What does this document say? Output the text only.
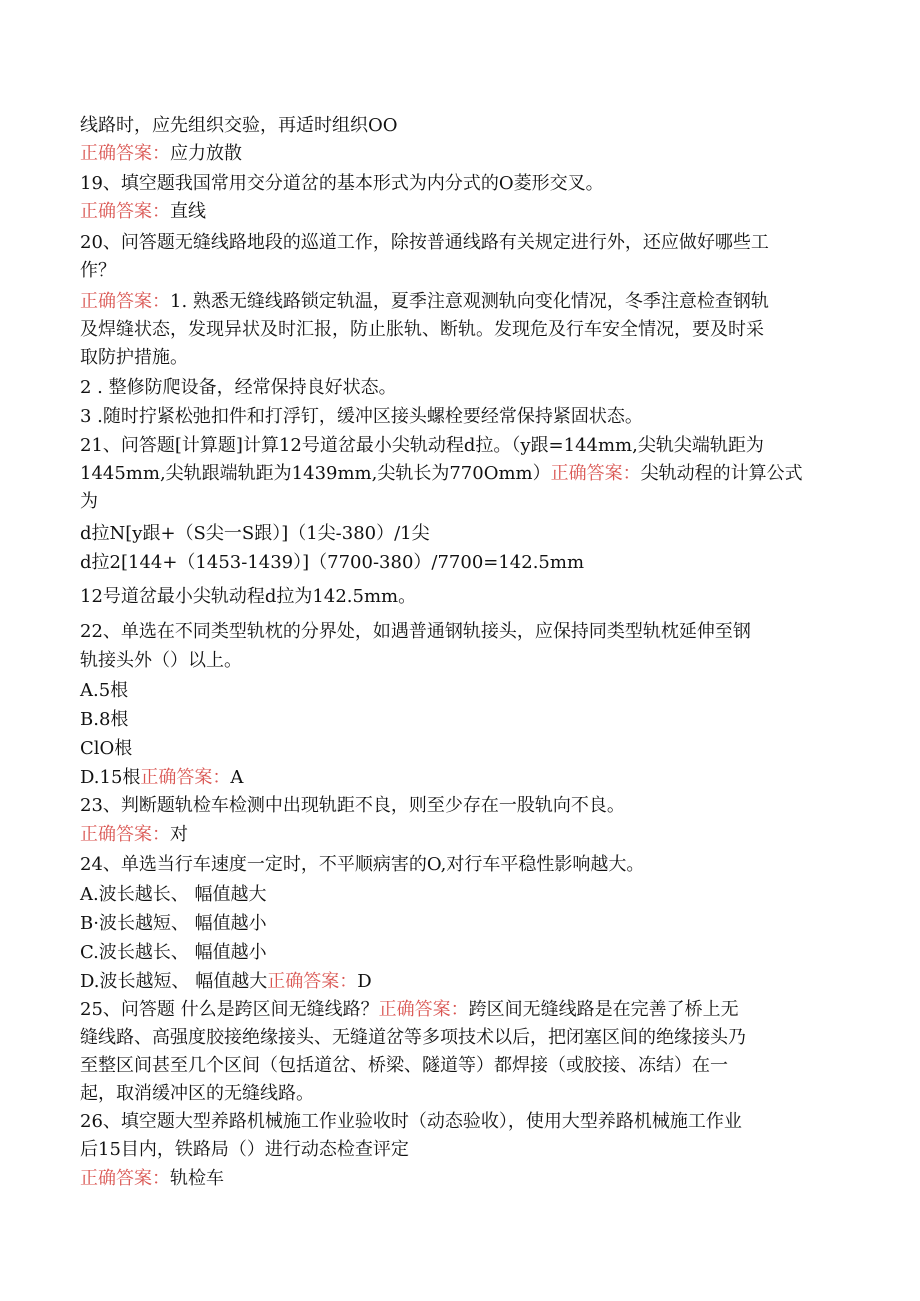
线路时，应先组织交验，再适时组织OO
正确答案：应力放散
19、填空题我国常用交分道岔的基本形式为内分式的O菱形交叉。
正确答案：直线
20、问答题无缝线路地段的巡道工作，除按普通线路有关规定进行外，还应做好哪些工
作？
正确答案：1. 熟悉无缝线路锁定轨温，夏季注意观测轨向变化情况，冬季注意检查钢轨
及焊缝状态，发现异状及时汇报，防止胀轨、断轨。发现危及行车安全情况，要及时采
取防护措施。
2 . 整修防爬设备，经常保持良好状态。
3 .随时拧紧松弛扣件和打浮钉，缓冲区接头螺栓要经常保持紧固状态。
21、问答题[计算题]计算12号道岔最小尖轨动程d拉。（y跟=144mm,尖轨尖端轨距为
1445mm,尖轨跟端轨距为1439mm,尖轨长为770Omm）正确答案：尖轨动程的计算公式
为
d拉N[y跟+（S尖一S跟）]（1尖-380）/1尖
d拉2[144+（1453-1439）]（7700-380）/7700=142.5mm
12号道岔最小尖轨动程d拉为142.5mm。
22、单选在不同类型轨枕的分界处，如遇普通钢轨接头，应保持同类型轨枕延伸至钢
轨接头外（）以上。
A.5根
B.8根
ClO根
D.15根正确答案：A
23、判断题轨检车检测中出现轨距不良，则至少存在一股轨向不良。
正确答案：对
24、单选当行车速度一定时，不平顺病害的O,对行车平稳性影响越大。
A.波长越长、 幅值越大
B·波长越短、 幅值越小
C.波长越长、 幅值越小
D.波长越短、 幅值越大正确答案：D
25、问答题 什么是跨区间无缝线路？正确答案：跨区间无缝线路是在完善了桥上无
缝线路、高强度胶接绝缘接头、无缝道岔等多项技术以后，把闭塞区间的绝缘接头乃
至整区间甚至几个区间（包括道岔、桥梁、隧道等）都焊接（或胶接、冻结）在一
起，取消缓冲区的无缝线路。
26、填空题大型养路机械施工作业验收时（动态验收），使用大型养路机械施工作业
后15目内，铁路局（）进行动态检查评定
正确答案：轨检车
